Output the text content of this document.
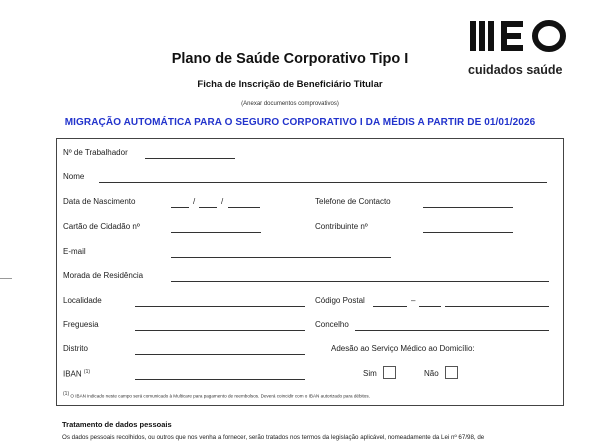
Plano de Saúde Corporativo Tipo I
Ficha de Inscrição de Beneficiário Titular
(Anexar documentos comprovativos)
MIGRAÇÃO AUTOMÁTICA PARA O SEGURO CORPORATIVO I DA MÉDIS A PARTIR DE 01/01/2026
cuidados saúde
Nº de Trabalhador
Nome
Data de Nascimento	/	/	Telefone de Contacto
Cartão de Cidadão nº	Contribuinte nº
E-mail
Morada de Residência
Localidade	Código Postal	–
Freguesia	Concelho
Distrito	Adesão ao Serviço Médico ao Domicílio:
IBAN $^{(1)}$	Sim	Não
(1) O IBAN indicado neste campo será comunicado à Multicare para pagamento de reembolsos. Deverá coincidir com o IBAN autorizado para débitos.
Tratamento de dados pessoais
Os dados pessoais recolhidos, ou outros que nos venha a fornecer, serão tratados nos termos da legislação aplicável, nomeadamente da Lei nº 67/98, de
